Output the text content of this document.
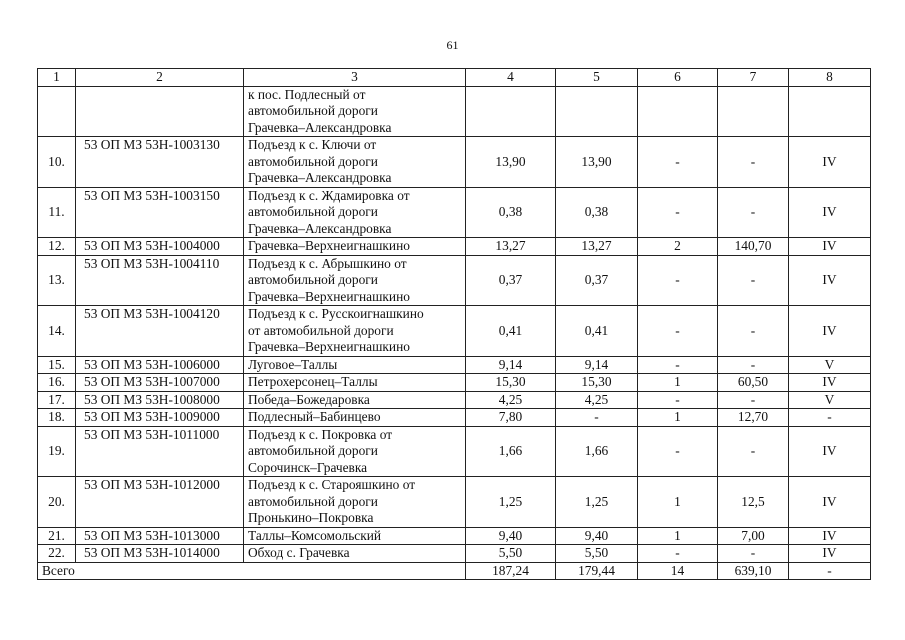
61
1	2	3	4	5	6	7	8

		к пос. Подлесный от
автомобильной дороги
Грачевка–Александровка					

10.	53 ОП МЗ 53Н-1003130	Подъезд к с. Ключи от
автомобильной дороги
Грачевка–Александровка	13,90	13,90	-	-	IV
11.	53 ОП МЗ 53Н-1003150	Подъезд к с. Ждамировка от
автомобильной дороги
Грачевка–Александровка	0,38	0,38	-	-	IV
12.	53 ОП МЗ 53Н-1004000	Грачевка–Верхнеигнашкино	13,27	13,27	2	140,70	IV
13.	53 ОП МЗ 53Н-1004110	Подъезд к с. Абрышкино от
автомобильной дороги
Грачевка–Верхнеигнашкино	0,37	0,37	-	-	IV
14.	53 ОП МЗ 53Н-1004120	Подъезд к с. Русскоигнашкино
от автомобильной дороги
Грачевка–Верхнеигнашкино	0,41	0,41	-	-	IV
15.	53 ОП МЗ 53Н-1006000	Луговое–Таллы	9,14	9,14	-	-	V
16.	53 ОП МЗ 53Н-1007000	Петрохерсонец–Таллы	15,30	15,30	1	60,50	IV
17.	53 ОП МЗ 53Н-1008000	Победа–Божедаровка	4,25	4,25	-	-	V
18.	53 ОП МЗ 53Н-1009000	Подлесный–Бабинцево	7,80	-	1	12,70	-
19.	53 ОП МЗ 53Н-1011000	Подъезд к с. Покровка от
автомобильной дороги
Сорочинск–Грачевка	1,66	1,66	-	-	IV
20.	53 ОП МЗ 53Н-1012000	Подъезд к с. Старояшкино от
автомобильной дороги
Пронькино–Покровка	1,25	1,25	1	12,5	IV
21.	53 ОП МЗ 53Н-1013000	Таллы–Комсомольский	9,40	9,40	1	7,00	IV
22.	53 ОП МЗ 53Н-1014000	Обход с. Грачевка	5,50	5,50	-	-	IV
Всего			187,24	179,44	14	639,10	-
